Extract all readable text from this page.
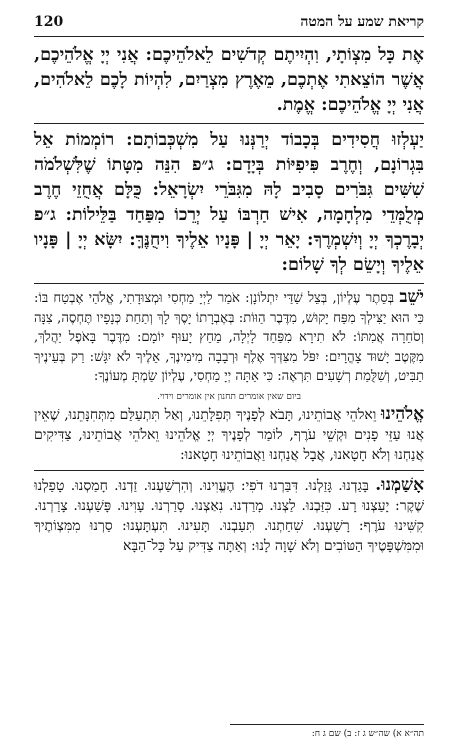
קריאת שמע על המטה
120

אֶת כָּל מִצְוֹתָי, וִהְיִיתֶם קְדֹשִׁים לֵאלֹהֵיכֶם: אֲנִי יְיָ אֱלֹהֵיכֶם, אֲשֶׁר הוֹצֵאתִי אֶתְכֶם, מֵאֶרֶץ מִצְרַיִם, לִהְיוֹת לָכֶם לֵאלֹהִים, אֲנִי יְיָ אֱלֹהֵיכֶם: אֱמֶת.

יַעְלְזוּ חֲסִידִים בְּכָבוֹד יְרַנְּנוּ עַל מִשְׁכְּבוֹתָם: רוֹמְמוֹת אֵל בִּגְרוֹנָם, וְחֶרֶב פִּיפִיּוֹת בְּיָדָם: ג״פ הִנֵּה מִטָּתוֹ שֶׁלִּשְׁלֹמֹה שִׁשִּׁים גִּבֹּרִים סָבִיב לָהּ מִגִּבֹּרֵי יִשְׂרָאֵל: כֻּלָּם אֲחֻזֵי חֶרֶב מְלֻמְּדֵי מִלְחָמָה, אִישׁ חַרְבּוֹ עַל יְרֵכוֹ מִפַּחַד בַּלֵּילוֹת: ג״פ יְבָרֶכְךָ יְיָ וְיִשְׁמְרֶךָ: יָאֵר יְיָ | פָּנָיו אֵלֶיךָ וִיחֻנֶּךָּ: יִשָּׂא יְיָ | פָּנָיו אֵלֶיךָ וְיָשֵׂם לְךָ שָׁלוֹם:

יֹשֵׁב בְּסֵתֶר עֶלְיוֹן, בְּצֵל שַׁדַּי יִתְלוֹנָן: אֹמַר לַיְיָ מַחְסִי וּמְצוּדָתִי, אֱלֹהַי אֶבְטַח בּוֹ: כִּי הוּא יַצִּילְךָ מִפַּח יָקוּשׁ, מִדֶּבֶר הַוּוֹת: בְּאֶבְרָתוֹ יָסֶךְ לָךְ וְתַחַת כְּנָפָיו תֶּחְסֶה, צִנָּה וְסֹחֵרָה אֲמִתּוֹ: לֹא תִירָא מִפַּחַד לָיְלָה, מֵחֵץ יָעוּף יוֹמָם: מִדֶּבֶר בָּאֹפֶל יַהֲלֹךְ, מִקֶּטֶב יָשׁוּד צָהֳרָיִם: יִפֹּל מִצִּדְּךָ אֶלֶף וּרְבָבָה מִימִינֶךָ, אֵלֶיךָ לֹא יִגָּשׁ: רַק בְּעֵינֶיךָ תַבִּיט, וְשִׁלֻּמַת רְשָׁעִים תִּרְאֶה: כִּי אַתָּה יְיָ מַחְסִי, עֶלְיוֹן שַׂמְתָּ מְעוֹנֶךָ:

ביום שאין אומרים תחנון אין אומרים וידוי.

אֱלֹהֵינוּ וֵאלֹהֵי אֲבוֹתֵינוּ, תָּבֹא לְפָנֶיךָ תְּפִלָּתֵנוּ, וְאַל תִּתְעַלַּם מִתְּחִנָּתֵנוּ, שֶׁאֵין אֲנוּ עַזֵּי פָנִים וּקְשֵׁי עֹרֶף, לוֹמַר לְפָנֶיךָ יְיָ אֱלֹהֵינוּ וֵאלֹהֵי אֲבוֹתֵינוּ, צַדִּיקִים אֲנַחְנוּ וְלֹא חָטָאנוּ, אֲבָל אֲנַחְנוּ וַאֲבוֹתֵינוּ חָטָאנוּ:

אָשַׁמְנוּ. בָּגַדְנוּ. גָּזַלְנוּ. דִּבַּרְנוּ דֹפִי: הֶעֱוִינוּ. וְהִרְשַׁעְנוּ. זַדְנוּ. חָמַסְנוּ. טָפַלְנוּ שֶׁקֶר: יָעַצְנוּ רָע. כִּזַּבְנוּ. לַצְנוּ. מָרַדְנוּ. נִאַצְנוּ. סָרַרְנוּ. עָוִינוּ. פָּשַׁעְנוּ. צָרַרְנוּ. קִשִּׁינוּ עֹרֶף: רָשַׁעְנוּ. שִׁחַתְנוּ. תִּעַבְנוּ. תָּעִינוּ. תִּעְתָּעְנוּ: סַרְנוּ מִמִּצְוֹתֶיךָ וּמִמִּשְׁפָּטֶיךָ הַטּוֹבִים וְלֹא שָׁוָה לָנוּ: וְאַתָּה צַדִּיק עַל כָּל־הַבָּא

תה״א א) שה״ש ג ז: ב) שם ג ח:
